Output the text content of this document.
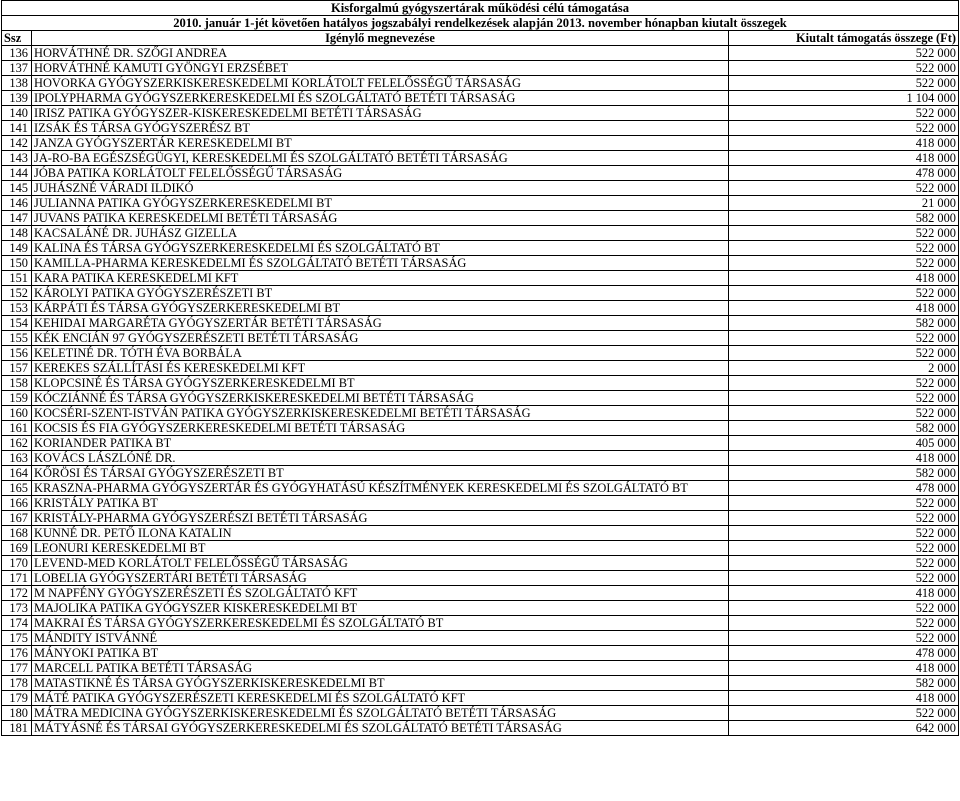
Kisforgalmú gyógyszertárak működési célú támogatása		
2010. január 1-jét követően hatályos jogszabályi rendelkezések alapján 2013. november hónapban kiutalt összegek		
Ssz	Igénylő megnevezése	Kiutalt támogatás összege (Ft)
136	HORVÁTHNÉ DR. SZŐGI ANDREA	522 000
137	HORVÁTHNÉ KAMUTI GYÖNGYI ERZSÉBET	522 000
138	HOVORKA GYÓGYSZERKISKERESKEDELMI KORLÁTOLT FELELŐSSÉGŰ TÁRSASÁG	522 000
139	IPOLYPHARMA GYÓGYSZERKERESKEDELMI ÉS SZOLGÁLTATÓ BETÉTI TÁRSASÁG	1 104 000
140	IRISZ PATIKA GYÓGYSZER-KISKERESKEDELMI BETÉTI TÁRSASÁG	522 000
141	IZSÁK ÉS TÁRSA GYÓGYSZERÉSZ BT	522 000
142	JANZA GYÓGYSZERTÁR KERESKEDELMI BT	418 000
143	JA-RO-BA EGÉSZSÉGÜGYI, KERESKEDELMI ÉS SZOLGÁLTATÓ BETÉTI TÁRSASÁG	418 000
144	JÓBA PATIKA KORLÁTOLT FELELŐSSÉGŰ TÁRSASÁG	478 000
145	JUHÁSZNÉ VÁRADI ILDIKÓ	522 000
146	JULIANNA PATIKA GYÓGYSZERKERESKEDELMI BT	21 000
147	JUVANS PATIKA KERESKEDELMI BETÉTI TÁRSASÁG	582 000
148	KACSALÁNÉ DR. JUHÁSZ GIZELLA	522 000
149	KALINA ÉS TÁRSA GYÓGYSZERKERESKEDELMI ÉS SZOLGÁLTATÓ BT	522 000
150	KAMILLA-PHARMA KERESKEDELMI ÉS SZOLGÁLTATÓ BETÉTI TÁRSASÁG	522 000
151	KARA PATIKA KERESKEDELMI KFT	418 000
152	KÁROLYI PATIKA GYÓGYSZERÉSZETI BT	522 000
153	KÁRPÁTI ÉS TÁRSA GYÓGYSZERKERESKEDELMI BT	418 000
154	KEHIDAI MARGARÉTA GYÓGYSZERTÁR BETÉTI TÁRSASÁG	582 000
155	KÉK ENCIÁN 97 GYÓGYSZERÉSZETI BETÉTI TÁRSASÁG	522 000
156	KELETINÉ DR. TÓTH ÉVA BORBÁLA	522 000
157	KEREKES SZÁLLÍTÁSI ÉS KERESKEDELMI KFT	2 000
158	KLOPCSINÉ ÉS TÁRSA GYÓGYSZERKERESKEDELMI BT	522 000
159	KÓCZIÁNNÉ ÉS TÁRSA GYÓGYSZERKISKERESKEDELMI BETÉTI TÁRSASÁG	522 000
160	KOCSÉRI-SZENT-ISTVÁN PATIKA GYÓGYSZERKISKERESKEDELMI BETÉTI TÁRSASÁG	522 000
161	KOCSIS ÉS FIA GYÓGYSZERKERESKEDELMI BETÉTI TÁRSASÁG	582 000
162	KORIANDER PATIKA BT	405 000
163	KOVÁCS LÁSZLÓNÉ DR.	418 000
164	KŐRÖSI ÉS TÁRSAI GYÓGYSZERÉSZETI BT	582 000
165	KRASZNA-PHARMA GYÓGYSZERTÁR ÉS GYÓGYHATÁSÚ KÉSZÍTMÉNYEK KERESKEDELMI ÉS SZOLGÁLTATÓ BT	478 000
166	KRISTÁLY PATIKA BT	522 000
167	KRISTÁLY-PHARMA GYÓGYSZERÉSZI BETÉTI TÁRSASÁG	522 000
168	KUNNÉ DR. PETŐ ILONA KATALIN	522 000
169	LEONURI KERESKEDELMI BT	522 000
170	LEVEND-MED KORLÁTOLT FELELŐSSÉGŰ TÁRSASÁG	522 000
171	LOBELIA GYÓGYSZERTÁRI BETÉTI TÁRSASÁG	522 000
172	M NAPFÉNY GYÓGYSZERÉSZETI ÉS SZOLGÁLTATÓ KFT	418 000
173	MAJOLIKA PATIKA GYÓGYSZER KISKERESKEDELMI BT	522 000
174	MAKRAI ÉS TÁRSA GYÓGYSZERKERESKEDELMI ÉS SZOLGÁLTATÓ BT	522 000
175	MÁNDITY ISTVÁNNÉ	522 000
176	MÁNYOKI PATIKA BT	478 000
177	MARCELL PATIKA BETÉTI TÁRSASÁG	418 000
178	MATASTIKNÉ ÉS TÁRSA GYÓGYSZERKISKERESKEDELMI BT	582 000
179	MÁTÉ PATIKA GYÓGYSZERÉSZETI KERESKEDELMI ÉS SZOLGÁLTATÓ KFT	418 000
180	MÁTRA MEDICINA GYÓGYSZERKISKERESKEDELMI ÉS SZOLGÁLTATÓ BETÉTI TÁRSASÁG	522 000
181	MÁTYÁSNÉ ÉS TÁRSAI GYÓGYSZERKERESKEDELMI ÉS SZOLGÁLTATÓ BETÉTI TÁRSASÁG	642 000
